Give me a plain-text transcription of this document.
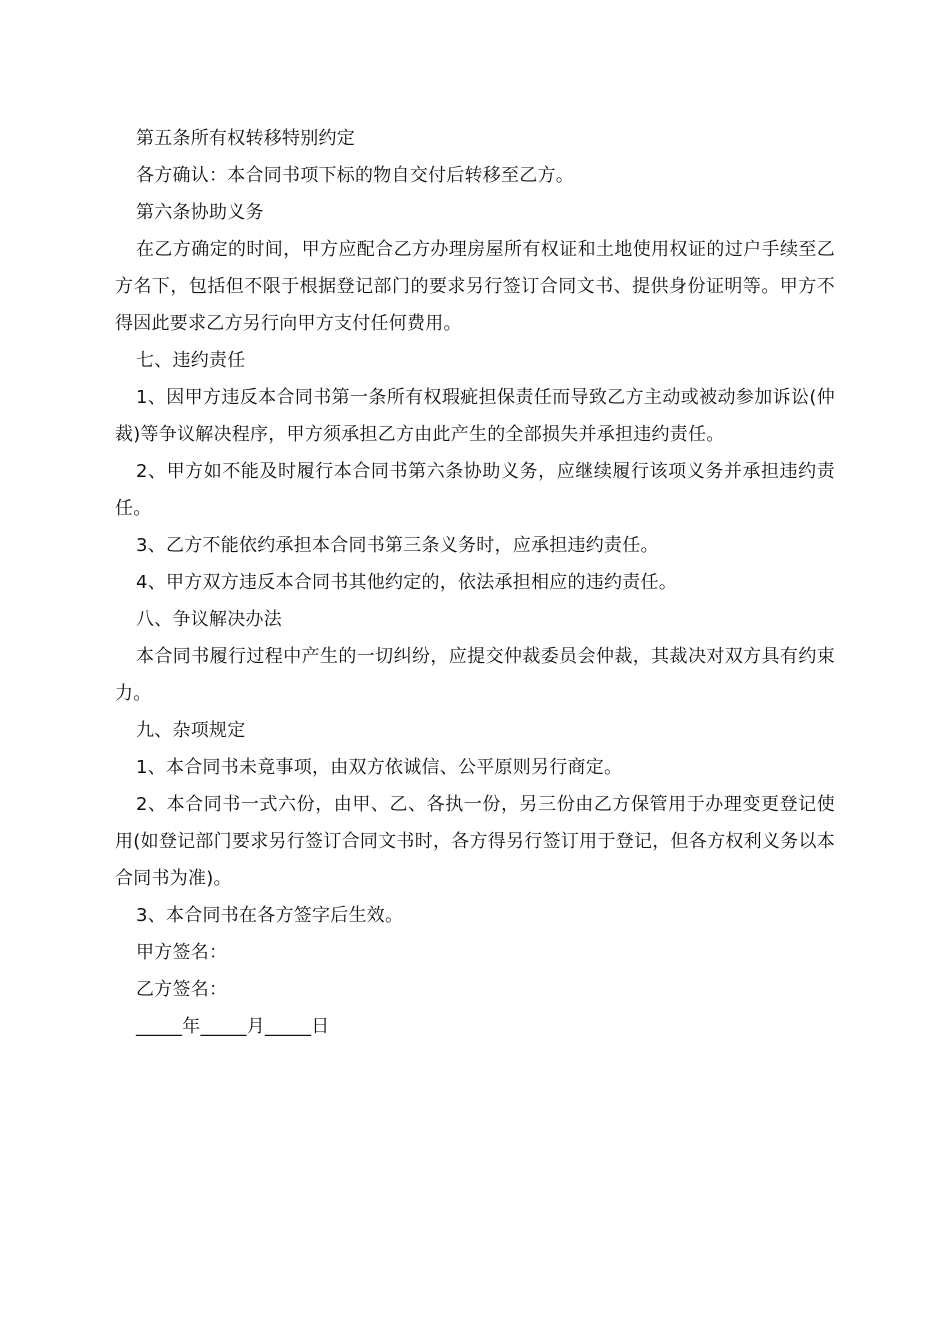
第五条所有权转移特别约定

各方确认：本合同书项下标的物自交付后转移至乙方。

第六条协助义务

在乙方确定的时间，甲方应配合乙方办理房屋所有权证和土地使用权证的过户手续至乙方名下，包括但不限于根据登记部门的要求另行签订合同文书、提供身份证明等。甲方不得因此要求乙方另行向甲方支付任何费用。

七、违约责任

1、因甲方违反本合同书第一条所有权瑕疵担保责任而导致乙方主动或被动参加诉讼(仲裁)等争议解决程序，甲方须承担乙方由此产生的全部损失并承担违约责任。

2、甲方如不能及时履行本合同书第六条协助义务，应继续履行该项义务并承担违约责任。

3、乙方不能依约承担本合同书第三条义务时，应承担违约责任。

4、甲方双方违反本合同书其他约定的，依法承担相应的违约责任。

八、争议解决办法

本合同书履行过程中产生的一切纠纷，应提交仲裁委员会仲裁，其裁决对双方具有约束力。

九、杂项规定

1、本合同书未竟事项，由双方依诚信、公平原则另行商定。

2、本合同书一式六份，由甲、乙、各执一份，另三份由乙方保管用于办理变更登记使用(如登记部门要求另行签订合同文书时，各方得另行签订用于登记，但各方权利义务以本合同书为准)。

3、本合同书在各方签字后生效。

甲方签名：

乙方签名：

_____年_____月_____日
